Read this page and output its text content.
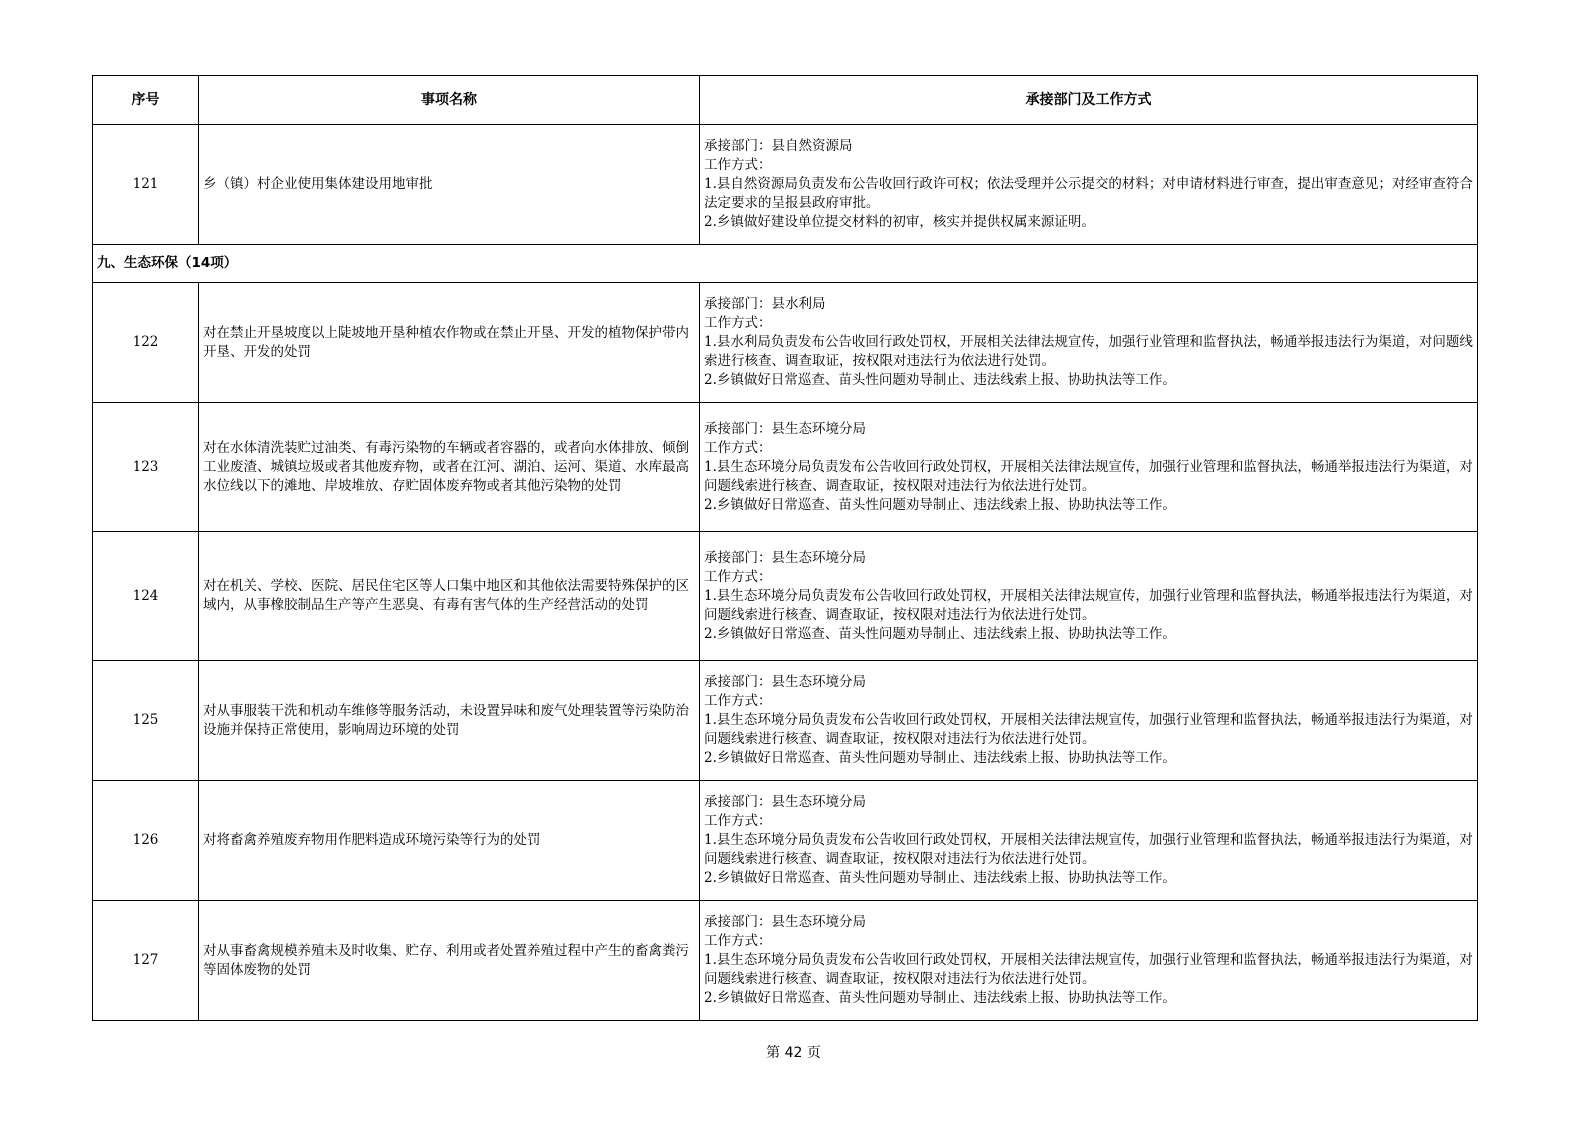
序号	事项名称	承接部门及工作方式
121	乡（镇）村企业使用集体建设用地审批	承接部门：县自然资源局
工作方式：
1.县自然资源局负责发布公告收回行政许可权；依法受理并公示提交的材料；对申请材料进行审查，提出审查意见；对经审查符合法定要求的呈报县政府审批。
2.乡镇做好建设单位提交材料的初审，核实并提供权属来源证明。

九、生态环保（14项）		
122	对在禁止开垦坡度以上陡坡地开垦种植农作物或在禁止开垦、开发的植物保护带内开垦、开发的处罚	承接部门：县水利局
工作方式：
1.县水利局负责发布公告收回行政处罚权，开展相关法律法规宣传，加强行业管理和监督执法，畅通举报违法行为渠道，对问题线索进行核查、调查取证，按权限对违法行为依法进行处罚。
2.乡镇做好日常巡查、苗头性问题劝导制止、违法线索上报、协助执法等工作。

123	对在水体清洗装贮过油类、有毒污染物的车辆或者容器的，或者向水体排放、倾倒工业废渣、城镇垃圾或者其他废弃物，或者在江河、湖泊、运河、渠道、水库最高水位线以下的滩地、岸坡堆放、存贮固体废弃物或者其他污染物的处罚	承接部门：县生态环境分局
工作方式：
1.县生态环境分局负责发布公告收回行政处罚权，开展相关法律法规宣传，加强行业管理和监督执法，畅通举报违法行为渠道，对问题线索进行核查、调查取证，按权限对违法行为依法进行处罚。
2.乡镇做好日常巡查、苗头性问题劝导制止、违法线索上报、协助执法等工作。

124	对在机关、学校、医院、居民住宅区等人口集中地区和其他依法需要特殊保护的区域内，从事橡胶制品生产等产生恶臭、有毒有害气体的生产经营活动的处罚	承接部门：县生态环境分局
工作方式：
1.县生态环境分局负责发布公告收回行政处罚权，开展相关法律法规宣传，加强行业管理和监督执法，畅通举报违法行为渠道，对问题线索进行核查、调查取证，按权限对违法行为依法进行处罚。
2.乡镇做好日常巡查、苗头性问题劝导制止、违法线索上报、协助执法等工作。

125	对从事服装干洗和机动车维修等服务活动，未设置异味和废气处理装置等污染防治设施并保持正常使用，影响周边环境的处罚	承接部门：县生态环境分局
工作方式：
1.县生态环境分局负责发布公告收回行政处罚权，开展相关法律法规宣传，加强行业管理和监督执法，畅通举报违法行为渠道，对问题线索进行核查、调查取证，按权限对违法行为依法进行处罚。
2.乡镇做好日常巡查、苗头性问题劝导制止、违法线索上报、协助执法等工作。

126	对将畜禽养殖废弃物用作肥料造成环境污染等行为的处罚	承接部门：县生态环境分局
工作方式：
1.县生态环境分局负责发布公告收回行政处罚权，开展相关法律法规宣传，加强行业管理和监督执法，畅通举报违法行为渠道，对问题线索进行核查、调查取证，按权限对违法行为依法进行处罚。
2.乡镇做好日常巡查、苗头性问题劝导制止、违法线索上报、协助执法等工作。

127	对从事畜禽规模养殖未及时收集、贮存、利用或者处置养殖过程中产生的畜禽粪污等固体废物的处罚	承接部门：县生态环境分局
工作方式：
1.县生态环境分局负责发布公告收回行政处罚权，开展相关法律法规宣传，加强行业管理和监督执法，畅通举报违法行为渠道，对问题线索进行核查、调查取证，按权限对违法行为依法进行处罚。
2.乡镇做好日常巡查、苗头性问题劝导制止、违法线索上报、协助执法等工作。
第 42 页
